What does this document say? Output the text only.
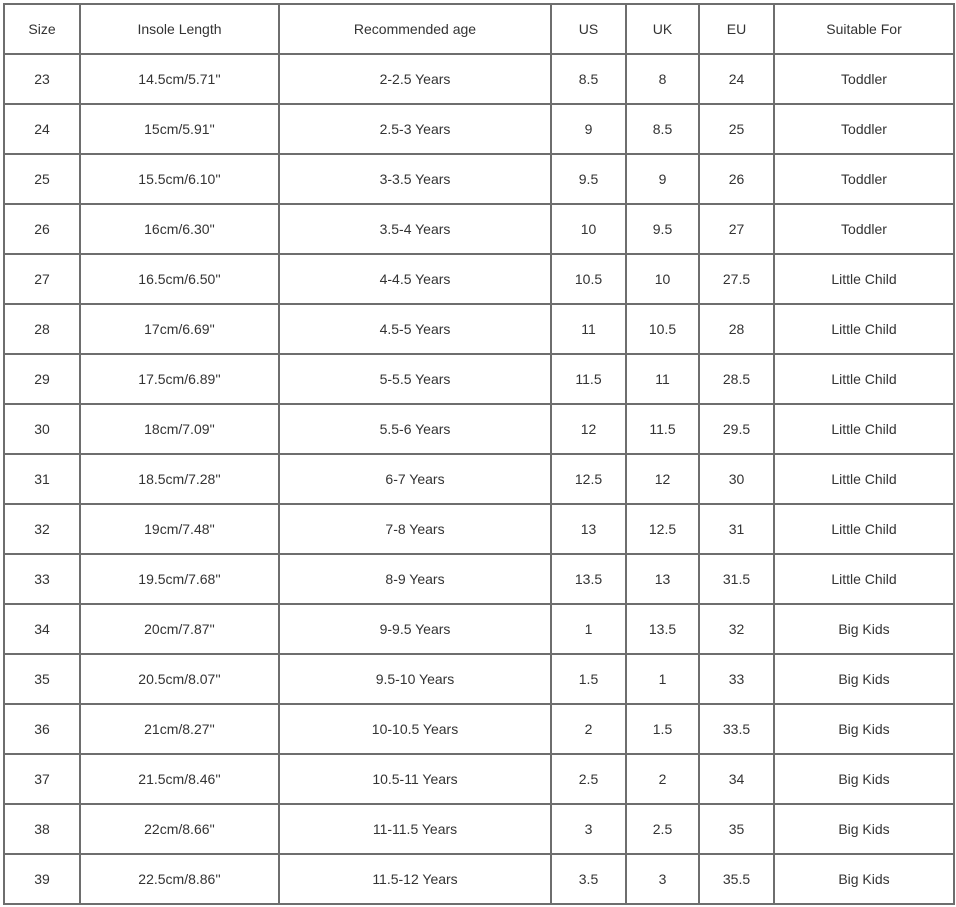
Size	Insole Length	Recommended age	US	UK	EU	Suitable For
23	14.5cm/5.71''	2-2.5 Years	8.5	8	24	Toddler
24	15cm/5.91''	2.5-3 Years	9	8.5	25	Toddler
25	15.5cm/6.10''	3-3.5 Years	9.5	9	26	Toddler
26	16cm/6.30''	3.5-4 Years	10	9.5	27	Toddler
27	16.5cm/6.50''	4-4.5 Years	10.5	10	27.5	Little Child
28	17cm/6.69''	4.5-5 Years	11	10.5	28	Little Child
29	17.5cm/6.89''	5-5.5 Years	11.5	11	28.5	Little Child
30	18cm/7.09''	5.5-6 Years	12	11.5	29.5	Little Child
31	18.5cm/7.28''	6-7 Years	12.5	12	30	Little Child
32	19cm/7.48''	7-8 Years	13	12.5	31	Little Child
33	19.5cm/7.68''	8-9 Years	13.5	13	31.5	Little Child
34	20cm/7.87''	9-9.5 Years	1	13.5	32	Big Kids
35	20.5cm/8.07''	9.5-10 Years	1.5	1	33	Big Kids
36	21cm/8.27''	10-10.5 Years	2	1.5	33.5	Big Kids
37	21.5cm/8.46''	10.5-11 Years	2.5	2	34	Big Kids
38	22cm/8.66''	11-11.5 Years	3	2.5	35	Big Kids
39	22.5cm/8.86''	11.5-12 Years	3.5	3	35.5	Big Kids
